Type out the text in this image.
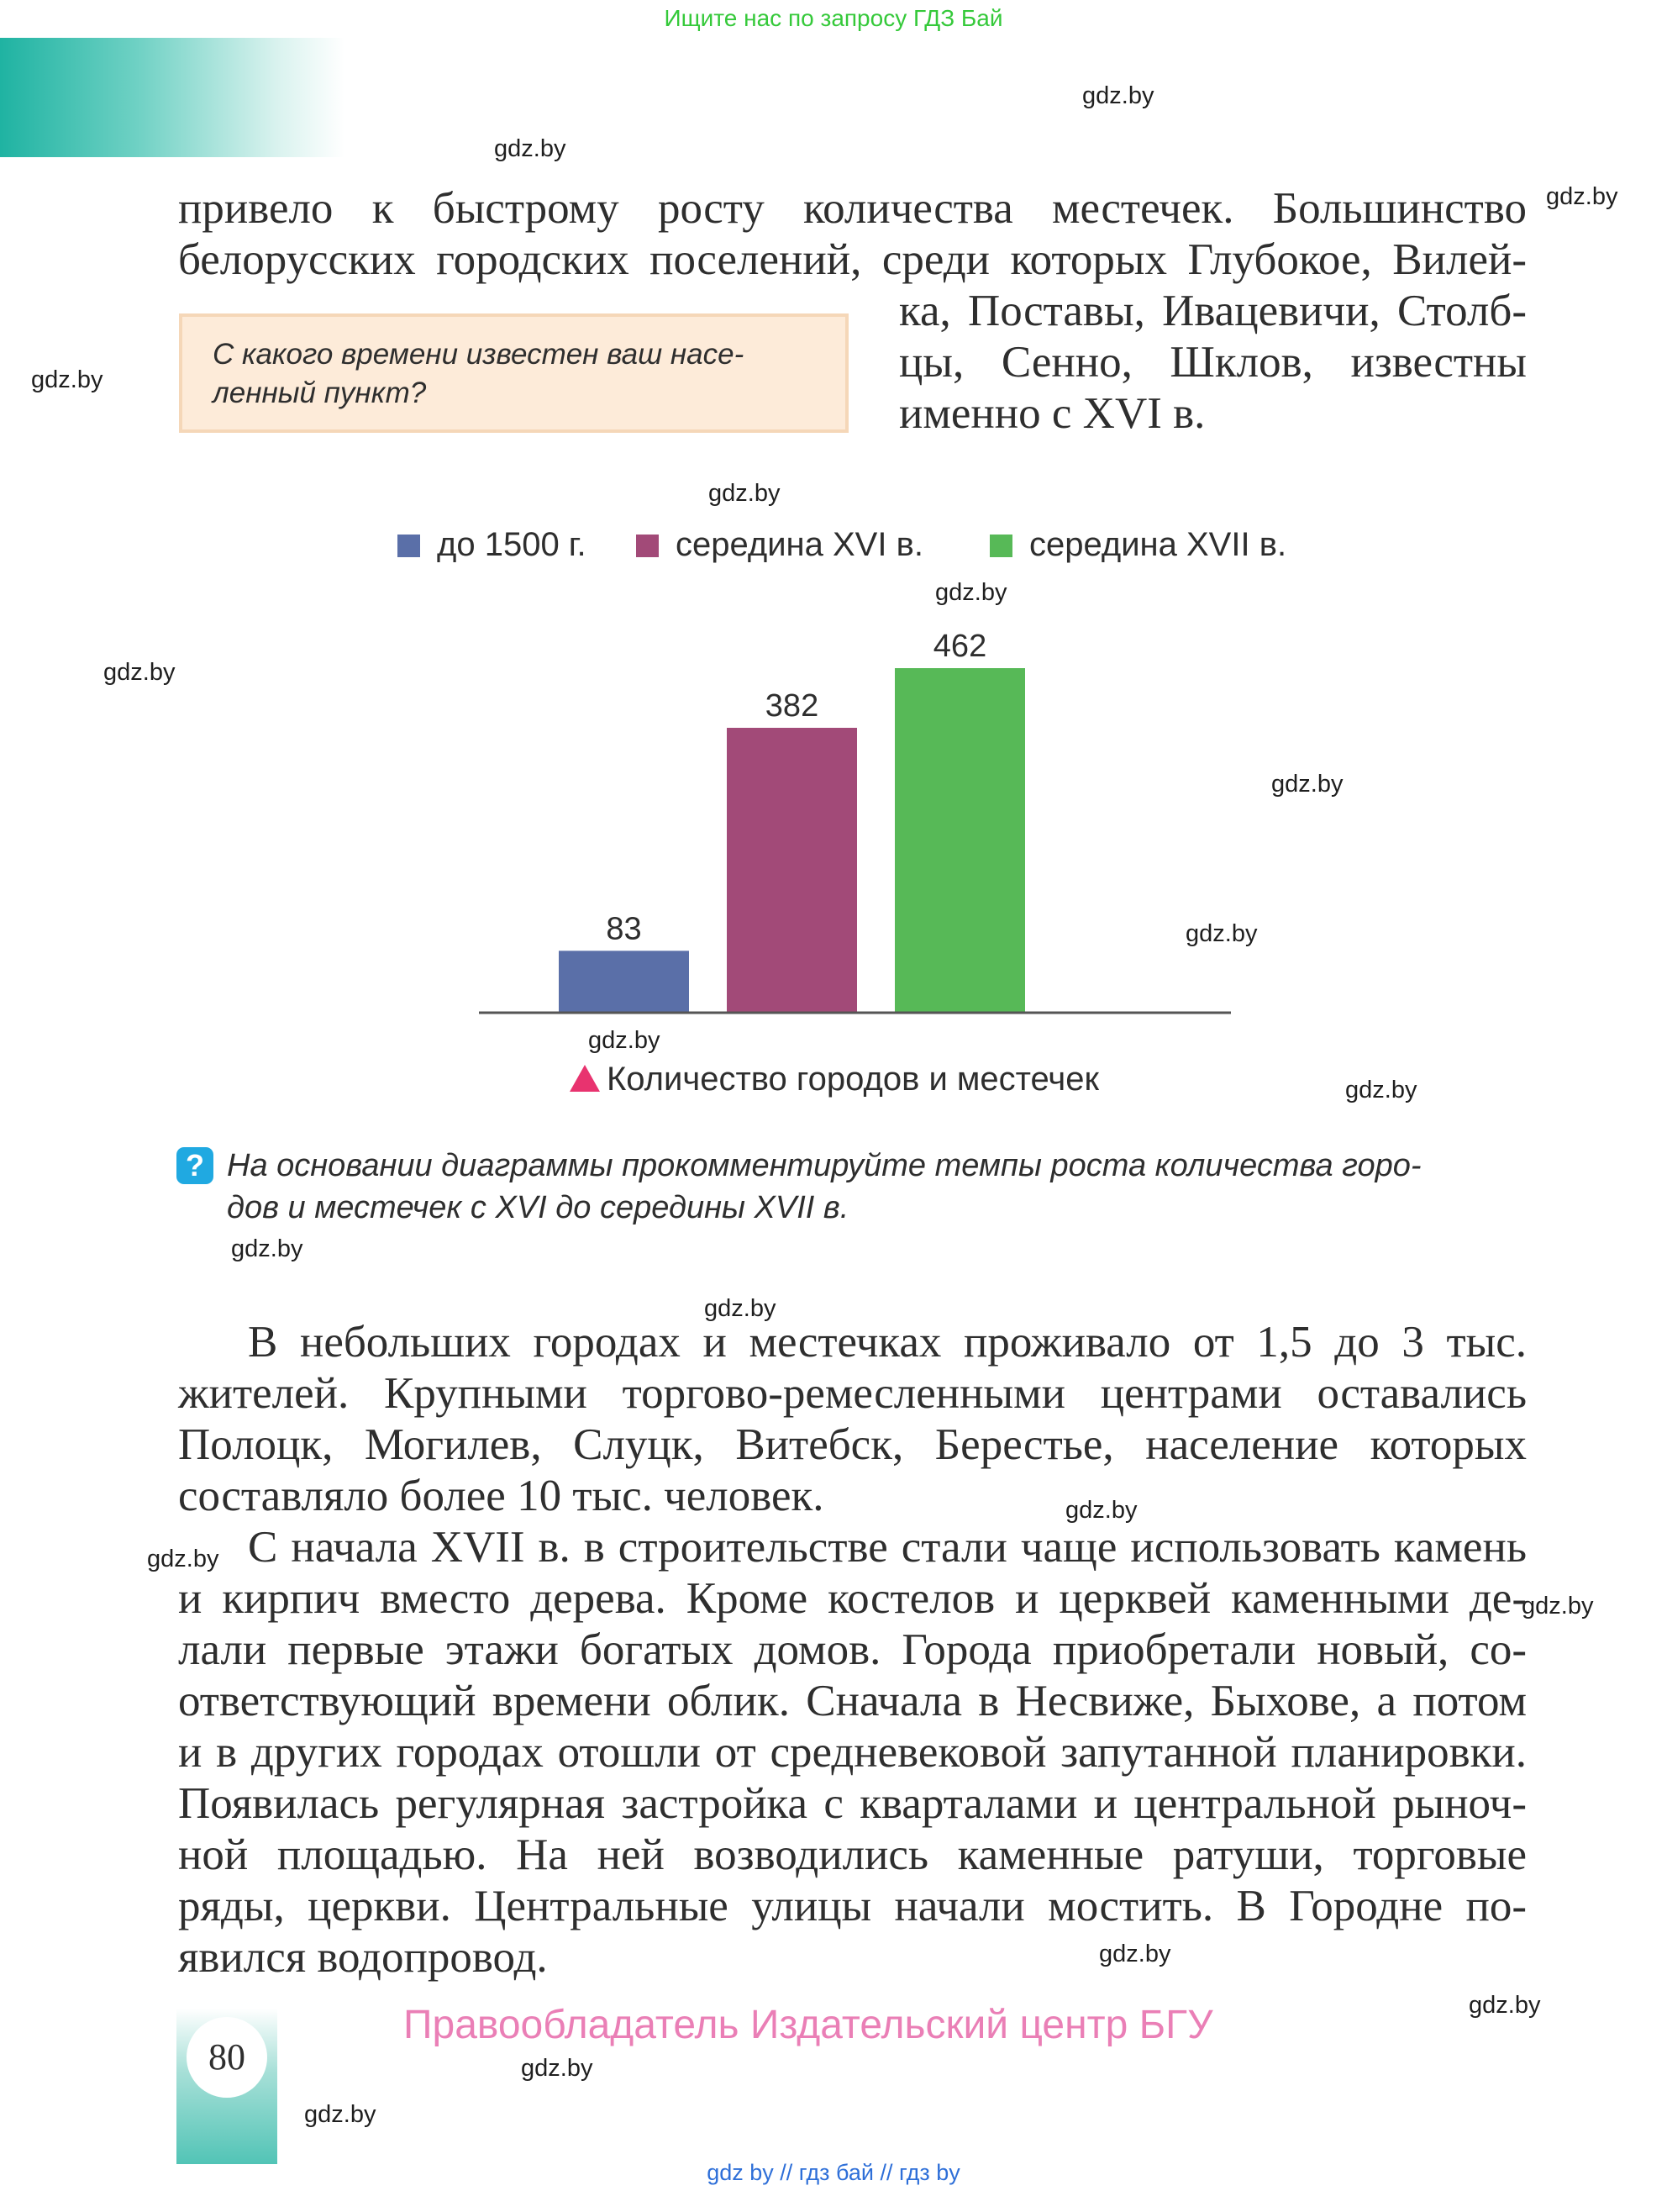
Ищите нас по запросу ГДЗ Бай
gdz.by
gdz.by
gdz.by
gdz.by
gdz.by
gdz.by
gdz.by
gdz.by
gdz.by
gdz.by
gdz.by
gdz.by
gdz.by
gdz.by
gdz.by
gdz.by
gdz.by
gdz.by
gdz.by
gdz.by
привело к быстрому росту количества местечек. Большинство
белорусских городских поселений, среди которых Глубокое, Вилей-
ка, Поставы, Ивацевичи, Столб-
цы, Сенно, Шклов, известны
именно с XVI в.
С какого времени известен ваш насе-
ленный пункт?
до 1500 г.	середина XVI в.	середина XVII в.
83
382
462
Количество городов и местечек
? На основании диаграммы прокомментируйте темпы роста количества горо-
дов и местечек с XVI до середины XVII в.
В небольших городах и местечках проживало от 1,5 до 3 тыс.
жителей. Крупными торгово-ремесленными центрами оставались
Полоцк, Могилев, Слуцк, Витебск, Берестье, население которых
составляло более 10 тыс. человек.
С начала XVII в. в строительстве стали чаще использовать камень
и кирпич вместо дерева. Кроме костелов и церквей каменными де-
лали первые этажи богатых домов. Города приобретали новый, со-
ответствующий времени облик. Сначала в Несвиже, Быхове, а потом
и в других городах отошли от средневековой запутанной планировки.
Появилась регулярная застройка с кварталами и центральной рыноч-
ной площадью. На ней возводились каменные ратуши, торговые
ряды, церкви. Центральные улицы начали мостить. В Городне по-
явился водопровод.
80
Правообладатель Издательский центр БГУ
gdz by // гдз бай // гдз by
